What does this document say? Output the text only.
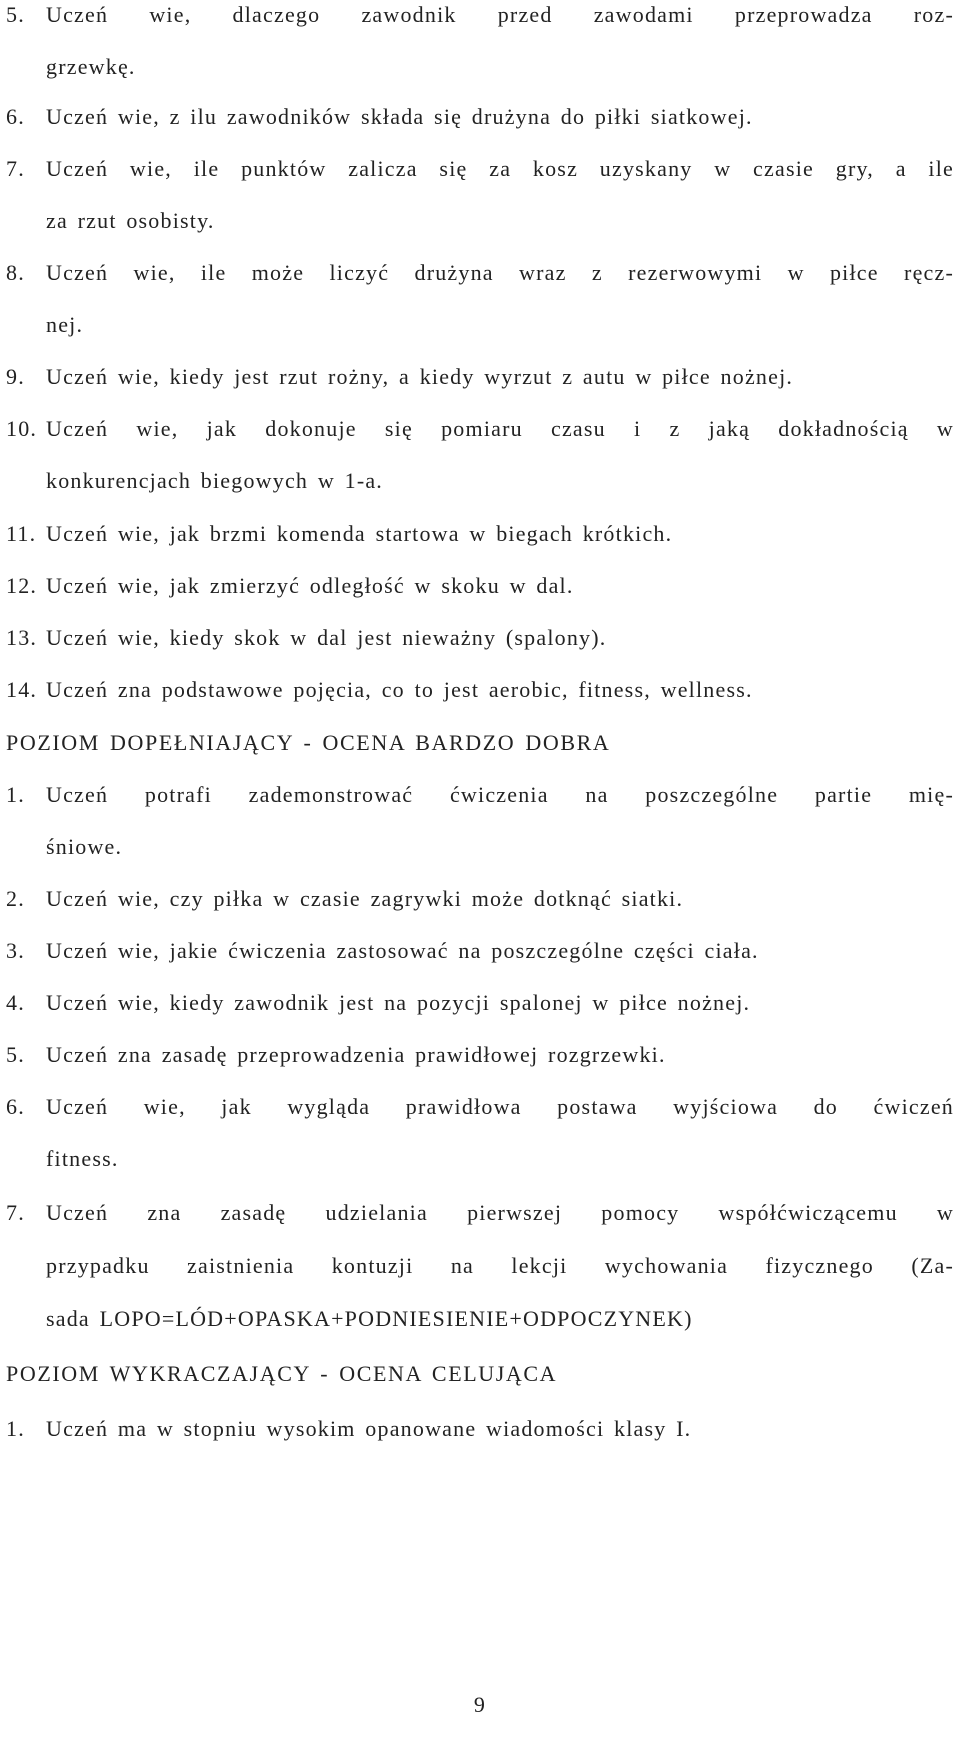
5. Uczeń wie, dlaczego zawodnik przed zawodami przeprowadza roz-
grzewkę.
6. Uczeń wie, z ilu zawodników składa się drużyna do piłki siatkowej.
7. Uczeń wie, ile punktów zalicza się za kosz uzyskany w czasie gry, a ile
za rzut osobisty.
8. Uczeń wie, ile może liczyć drużyna wraz z rezerwowymi w piłce ręcz-
nej.
9. Uczeń wie, kiedy jest rzut rożny, a kiedy wyrzut z autu w piłce nożnej.
10. Uczeń wie, jak dokonuje się pomiaru czasu i z jaką dokładnością w
konkurencjach biegowych w 1-a.
11. Uczeń wie, jak brzmi komenda startowa w biegach krótkich.
12. Uczeń wie, jak zmierzyć odległość w skoku w dal.
13. Uczeń wie, kiedy skok w dal jest nieważny (spalony).
14. Uczeń zna podstawowe pojęcia, co to jest aerobic, fitness, wellness.
POZIOM DOPEŁNIAJĄCY - OCENA BARDZO DOBRA
1. Uczeń potrafi zademonstrować ćwiczenia na poszczególne partie mię-
śniowe.
2. Uczeń wie, czy piłka w czasie zagrywki może dotknąć siatki.
3. Uczeń wie, jakie ćwiczenia zastosować na poszczególne części ciała.
4. Uczeń wie, kiedy zawodnik jest na pozycji spalonej w piłce nożnej.
5. Uczeń zna zasadę przeprowadzenia prawidłowej rozgrzewki.
6. Uczeń wie, jak wygląda prawidłowa postawa wyjściowa do ćwiczeń
fitness.
7. Uczeń zna zasadę udzielania pierwszej pomocy współćwiczącemu w
przypadku zaistnienia kontuzji na lekcji wychowania fizycznego (Za-
sada LOPO=LÓD+OPASKA+PODNIESIENIE+ODPOCZYNEK)
POZIOM WYKRACZAJĄCY - OCENA CELUJĄCA
1. Uczeń ma w stopniu wysokim opanowane wiadomości klasy I.
9
